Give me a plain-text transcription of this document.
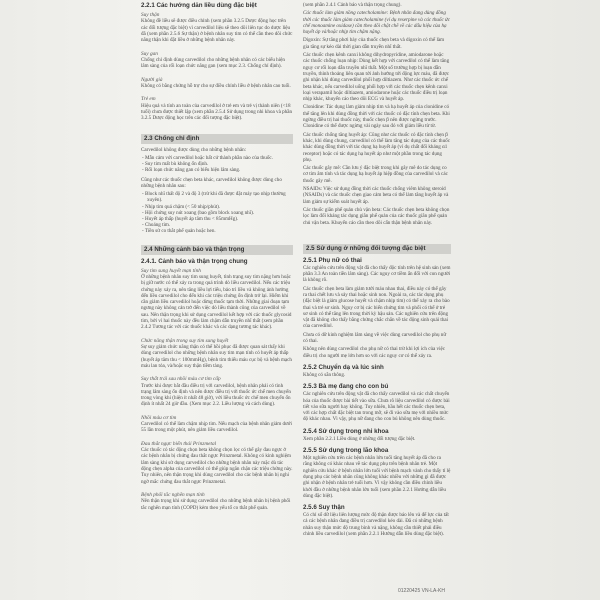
2.2.1 Các hướng dẫn liều dùng đặc biệt
Suy thận
Không đề liều sẽ được điều chỉnh (xem phần 3.2.5 Dược động học trên các đối tượng đặc biệt) vì carvedilol liệu sẽ theo dõi liên tục do dược liệu đã (xem phần 2.5.6 Sự thận) ở bệnh nhân suy tim có thể cần theo dõi chức năng thận khi đặt liều ở những bệnh nhân này.
Suy gan
Chống chỉ định dùng carvedilol cho những bệnh nhân có các biểu hiện lâm sàng của rối loạn chức năng gan (xem mục 2.3. Chống chỉ định).
Người già
Không có bằng chứng hỗ trợ cho sự điều chỉnh liều ở bệnh nhân cao tuổi.
Trẻ em
Hiệu quả và tính an toàn của carvedilol ở trẻ em và trẻ vị thành niên (<18 tuổi) chưa được thiết lập (xem phần 2.5.4 Sử dụng trong nhi khoa và phần 3.2.5 Dược động học trên các đối tượng đặc biệt).
2.3 Chống chỉ định
Carvedilol không được dùng cho những bệnh nhân:
- Mẫn cảm với carvedilol hoặc bất cứ thành phần nào của thuốc.
- Suy tim mất bù không ổn định.
- Rối loạn chức năng gan có biểu hiện lâm sàng.
Cũng như các thuốc chẹn beta khác, carvedilol không được dùng cho những bệnh nhân sau:
- Block nhĩ thất độ 2 và độ 3 (trừ khi đã được đặt máy tạo nhịp thường xuyên).
- Nhịp tim quá chậm (< 50 nhịp/phút).
- Hội chứng suy nút xoang (bao gồm block xoang nhĩ).
- Huyết áp thấp (huyết áp tâm thu < 85mmHg).
- Choáng tim.
- Tiền sử co thắt phế quản hoặc hen.
2.4 Những cảnh báo và thận trọng
2.4.1. Cảnh báo và thận trọng chung
Suy tim sung huyết mạn tính
Ở những bệnh nhân suy tim sung huyết, tình trạng suy tim nặng hơn hoặc bị giữ nước có thể xảy ra trong quá trình dò liều carvedilol. Nếu các triệu chứng này xảy ra, nên tăng liều lợi tiểu, bảo trì liều và không ảnh hưởng đến liều carvedilol cho đến khi các triệu chứng ổn định trở lại. Hiếm khi cần giảm liều carvedilol hoặc dừng thuốc tạm thời. Những giai đoạn tạm ngưng này không cản trở đến việc dò liều thành công của carvedilol về sau. Nên thận trọng khi sử dụng carvedilol kết hợp với các thuốc glycosid tim, bởi vì hai thuốc này đều làm chậm dẫn truyền nhĩ thất (xem phần 2.4.2 Tương tác với các thuốc khác và các dạng tương tác khác).
Chức năng thận trong suy tim sung huyết
Sự suy giảm chức năng thận có thể hồi phục đã được quan sát thấy khi dùng carvedilol cho những bệnh nhân suy tim mạn tính có huyết áp thấp (huyết áp tâm thu < 100mmHg), bệnh tim thiếu máu cục bộ và bệnh mạch máu lan tỏa, và/hoặc suy thận tiềm tàng.
Suy thất trái sau nhồi máu cơ tim cấp
Trước khi được bắt đầu điều trị với carvedilol, bệnh nhân phải có tình trạng lâm sàng ổn định và nên được điều trị với thuốc ức chế men chuyển trong vòng khi (hiện ít nhất 48 giờ), với liều thuốc ức chế men chuyển ổn định ít nhất 24 giờ đầu. (Xem mục 2.2. Liều lượng và cách dùng).
Nhồi máu cơ tim
Carvedilol có thể làm chậm nhịp tim. Nếu mạch của bệnh nhân giảm dưới 55 lần trong một phút, nên giảm liều carvedilol.
Đau thắt ngực biến thái Prinzmetal
Các thuốc có tác động chọn beta không chọn lọc có thể gây đau ngực ở các bệnh nhân bị chứng đau thắt ngực Prinzmetal. Không có kinh nghiệm lâm sàng khi sử dụng carvedilol cho những bệnh nhân này mặc dù tác động chẹn alpha của carvedilol có thể giúp ngăn chặn các triệu chứng này. Tuy nhiên, nên thận trọng khi dùng carvedilol cho các bệnh nhân bị nghi ngờ mắc chứng đau thắt ngực Prinzmetal.
Bệnh phổi tắc nghẽn mạn tính
Nên thận trọng khi sử dụng carvedilol cho những bệnh nhân bị bệnh phổi tắc nghẽn mạn tính (COPD) kèm theo yếu tố co thắt phế quản.
(xem phần 2.4.1 Cảnh báo và thận trọng chung).
Các thuốc làm giảm nồng catecholamine: Bệnh nhân đang dùng đồng thời các thuốc làm giảm catecholamine (ví dụ reserpine và các thuốc ức chế monoamine oxidase) cần theo dõi chặt chẽ về các dấu hiệu của hạ huyết áp và/hoặc nhịp tim chậm nặng.
Digoxin: Sự tăng phơi bày của thuốc chẹn beta và digoxin có thể làm gia tăng sự kéo dài thời gian dẫn truyền nhĩ thất.
Các thuốc chẹn kênh canxi không dihydropyridine, amiodarone hoặc các thuốc chống loạn nhịp: Dùng kết hợp với carvedilol có thể làm tăng nguy cơ rối loạn dẫn truyền nhĩ thất. Một số trường hợp bị loạn dẫn truyền, thỉnh thoảng liên quan tới ảnh hưởng tới động lực máu, đã được ghi nhận khi dùng carvedilol phối hợp diltiazem. Như các thuốc ức chế beta khác, nếu carvedilol uống phối hợp với các thuốc chẹn kênh canxi loại verapamil hoặc diltiazem, amiodarone hoặc các thuốc điều trị loạn nhịp khác, khuyến cáo theo dõi ECG và huyết áp.
Clonidine: Tác dụng làm giảm nhịp tim và hạ huyết áp của clonidine có thể tăng lên khi dùng đồng thời với các thuốc có đặc tính chẹn beta. Khi ngừng điều trị hai thuốc này, thuốc chẹn β nên được ngừng trước. Clonidine có thể được ngừng vài ngày sau đó với giảm liều từ từ.
Các thuốc chống tăng huyết áp: Cũng như các thuốc có đặc tính chẹn β khác, khi dùng chung, carvedilol có thể làm tăng tác dụng của các thuốc khác dùng đồng thời với tác dụng hạ huyết áp (ví dụ chất đối kháng α1 receptor) hoặc có tác dụng hạ huyết áp như một phần trong tác dụng phụ.
Các thuốc gây mê: Cần lưu ý đặc biệt trong khi gây mê do tác dụng co cơ tim âm tính và tác dụng hạ huyết áp hiệp đồng của carvedilol và các thuốc gây mê.
NSAIDs: Việc sử dụng đồng thời các thuốc chống viêm không steroid (NSAIDs) và các thuốc chẹn giao cảm beta có thể làm tăng huyết áp và làm giảm sự kiểm soát huyết áp.
Các thuốc giãn phế quản chủ vận beta: Các thuốc chẹn beta không chọn lọc làm đối kháng tác dụng giãn phế quản của các thuốc giãn phế quản chủ vận beta. Khuyến cáo cần theo dõi cẩn thận bệnh nhân này.
2.5 Sử dụng ở những đối tượng đặc biệt
2.5.1 Phụ nữ có thai
Các nghiên cứu trên động vật đã cho thấy độc tính trên hệ sinh sản (xem phần 3.3 An toàn tiền lâm sàng). Các nguy cơ tiềm ẩn đối với con người là không rõ.
Các thuốc chẹn beta làm giảm tưới máu nhau thai, điều này có thể gây ra thai chết lưu và sảy thai hoặc sinh non. Ngoài ra, các tác dụng phụ (đặc biệt là giảm glucose huyết và chậm nhịp tim) có thể xảy ra cho bào thai và trẻ sơ sinh. Nguy cơ bị các biến chứng tim và phổi có thể ở trẻ sơ sinh có thể tăng lên trong thời kỳ hậu sản. Các nghiên cứu trên động vật đã không cho thấy bằng chứng chắc chắn về tác động sinh quái thai của carvedilol.
Chưa có dữ kinh nghiệm lâm sàng về việc dùng carvedilol cho phụ nữ có thai.
Không nên dùng carvedilol cho phụ nữ có thai trừ khi lợi ích của việc điều trị cho người mẹ lớn hơn so với các nguy cơ có thể xảy ra.
2.5.2 Chuyển dạ và lúc sinh
Không có sẵn thông.
2.5.3 Bà mẹ đang cho con bú
Các nghiên cứu trên động vật đã cho thấy carvedilol và các chất chuyển hóa của thuốc được bài tiết vào sữa. Chưa rõ liệu carvedilol có được bài tiết vào sữa người hay không. Tuy nhiên, hầu hết các thuốc chẹn beta, với các hợp chất đặc biệt tan trong mỡ, sẽ đi vào sữa mẹ với nhiều mức độ khác nhau. Vì vậy, phụ nữ đang cho con bú không nên dùng thuốc.
2.5.4 Sử dụng trong nhi khoa
Xem phần 2.2.1 Liều dùng ở những đối tượng đặc biệt.
2.5.5 Sử dụng trong lão khoa
Một nghiên cứu trên các bệnh nhân lớn tuổi tăng huyết áp đã cho ra rằng không có khác nhau về tác dụng phụ trên bệnh nhân trẻ. Một nghiên cứu khác ở bệnh nhân lớn tuổi với bệnh mạch vành cho thấy tỉ lệ dụng phụ các bệnh nhân cũng không khác nhiều với những gì đã được ghi nhận ở bệnh nhân trẻ tuổi hơn. Vì vậy không cần điều chỉnh liều khởi đầu ở những bệnh nhân lớn tuổi (xem phần 2.2.1 Hướng dẫn liều dùng đặc biệt).
2.5.6 Suy thận
Có chỉ số dữ liệu liên lượng mức độ thận được báo lên và để lực của tất cả các bệnh nhân đang điều trị carvedilol kéo dài. Đã có những bệnh nhân suy thận mức độ trung bình và nặng, không cần thiết phải điều chỉnh liều carvedilol (xem phần 2.2.1 Hướng dẫn liều dùng đặc biệt).
01220425 VN-LA-KH
